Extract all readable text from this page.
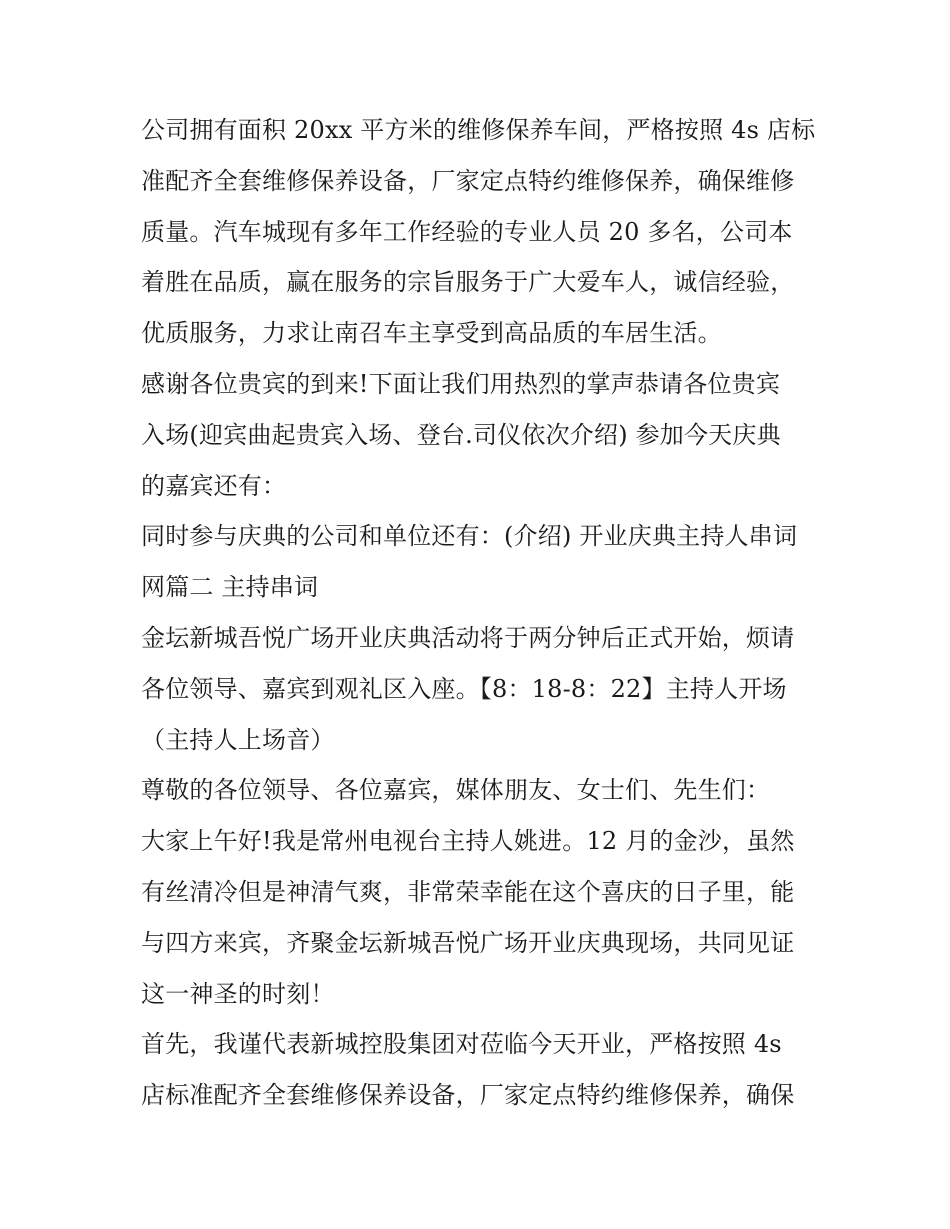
公司拥有面积 20xx 平方米的维修保养车间，严格按照 4s 店标
准配齐全套维修保养设备，厂家定点特约维修保养，确保维修
质量。汽车城现有多年工作经验的专业人员 20 多名，公司本
着胜在品质，赢在服务的宗旨服务于广大爱车人，诚信经验，
优质服务，力求让南召车主享受到高品质的车居生活。
感谢各位贵宾的到来!下面让我们用热烈的掌声恭请各位贵宾
入场(迎宾曲起贵宾入场、登台.司仪依次介绍) 参加今天庆典
的嘉宾还有：
同时参与庆典的公司和单位还有：(介绍) 开业庆典主持人串词
网篇二 主持串词
金坛新城吾悦广场开业庆典活动将于两分钟后正式开始，烦请
各位领导、嘉宾到观礼区入座。【8：18-8：22】主持人开场
（主持人上场音）
尊敬的各位领导、各位嘉宾，媒体朋友、女士们、先生们：
大家上午好!我是常州电视台主持人姚进。12 月的金沙，虽然
有丝清冷但是神清气爽，非常荣幸能在这个喜庆的日子里，能
与四方来宾，齐聚金坛新城吾悦广场开业庆典现场，共同见证
这一神圣的时刻！
首先，我谨代表新城控股集团对莅临今天开业，严格按照 4s
店标准配齐全套维修保养设备，厂家定点特约维修保养，确保
